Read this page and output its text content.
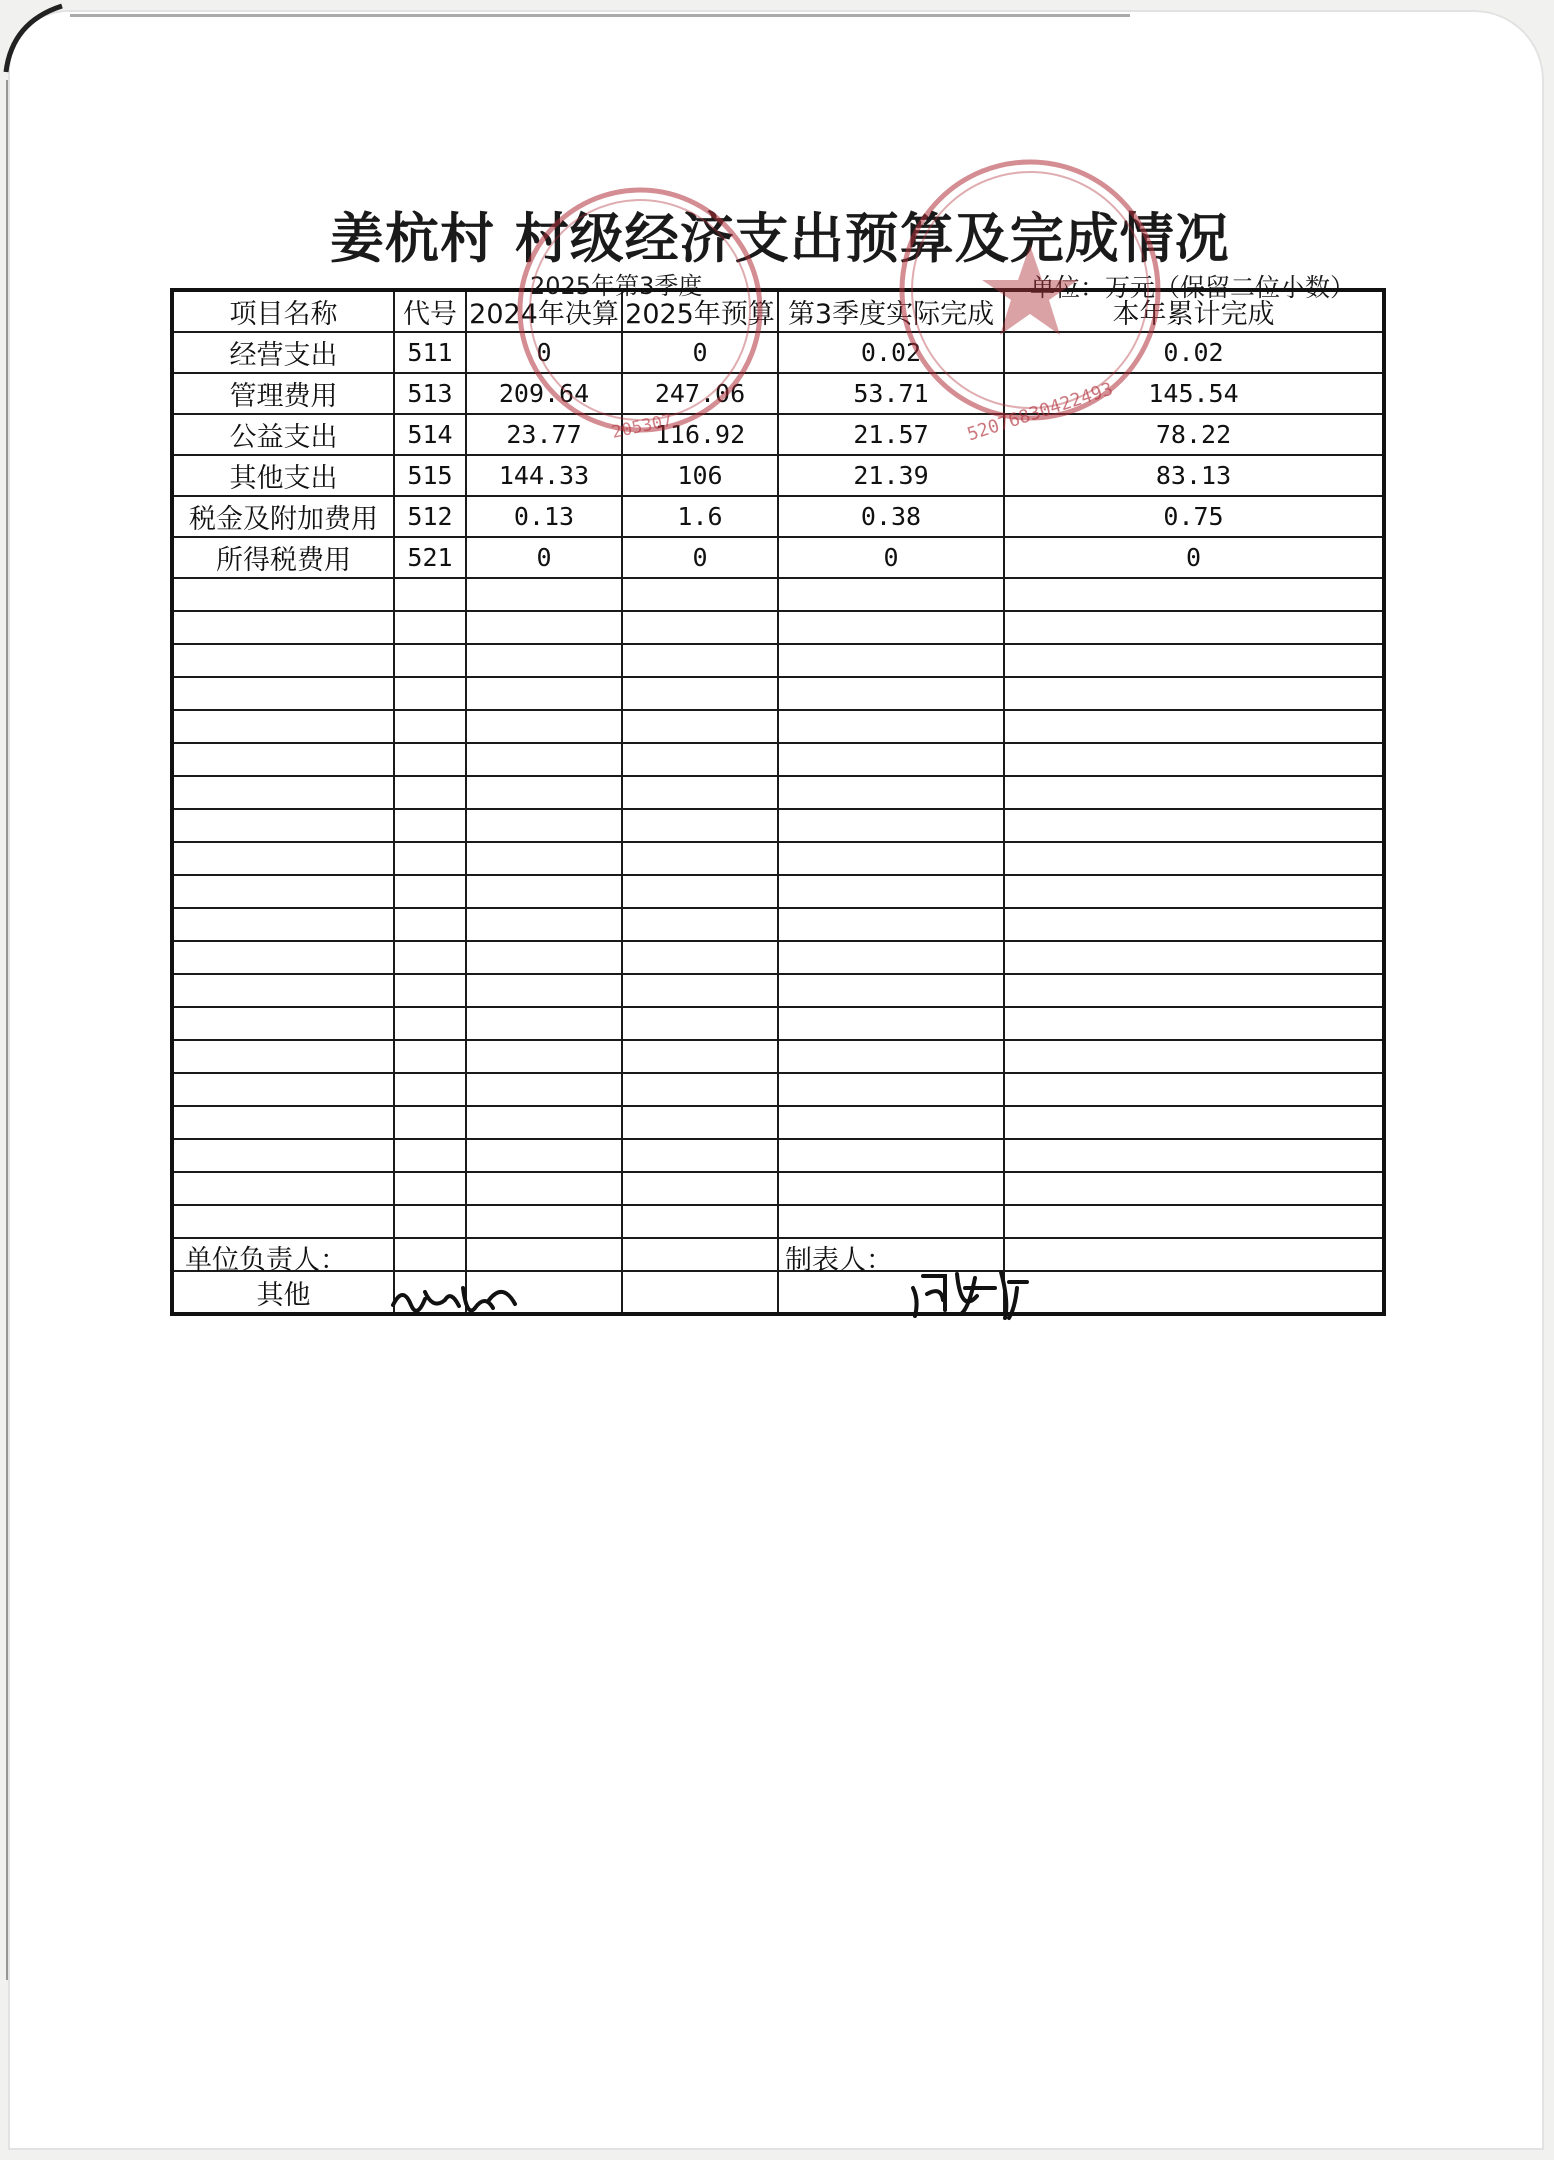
姜杭村 村级经济支出预算及完成情况
2025年第3季度	单位：万元（保留二位小数）
项目名称	代号	2024年决算	2025年预算	第3季度实际完成	本年累计完成
经营支出	511	0	0	0.02	0.02
管理费用	513	209.64	247.06	53.71	145.54
公益支出	514	23.77	116.92	21.57	78.22
其他支出	515	144.33	106	21.39	83.13
税金及附加费用	512	0.13	1.6	0.38	0.75
所得税费用	521	0	0	0	0

其他					
205307	52076830422493
单位负责人：	制表人：
